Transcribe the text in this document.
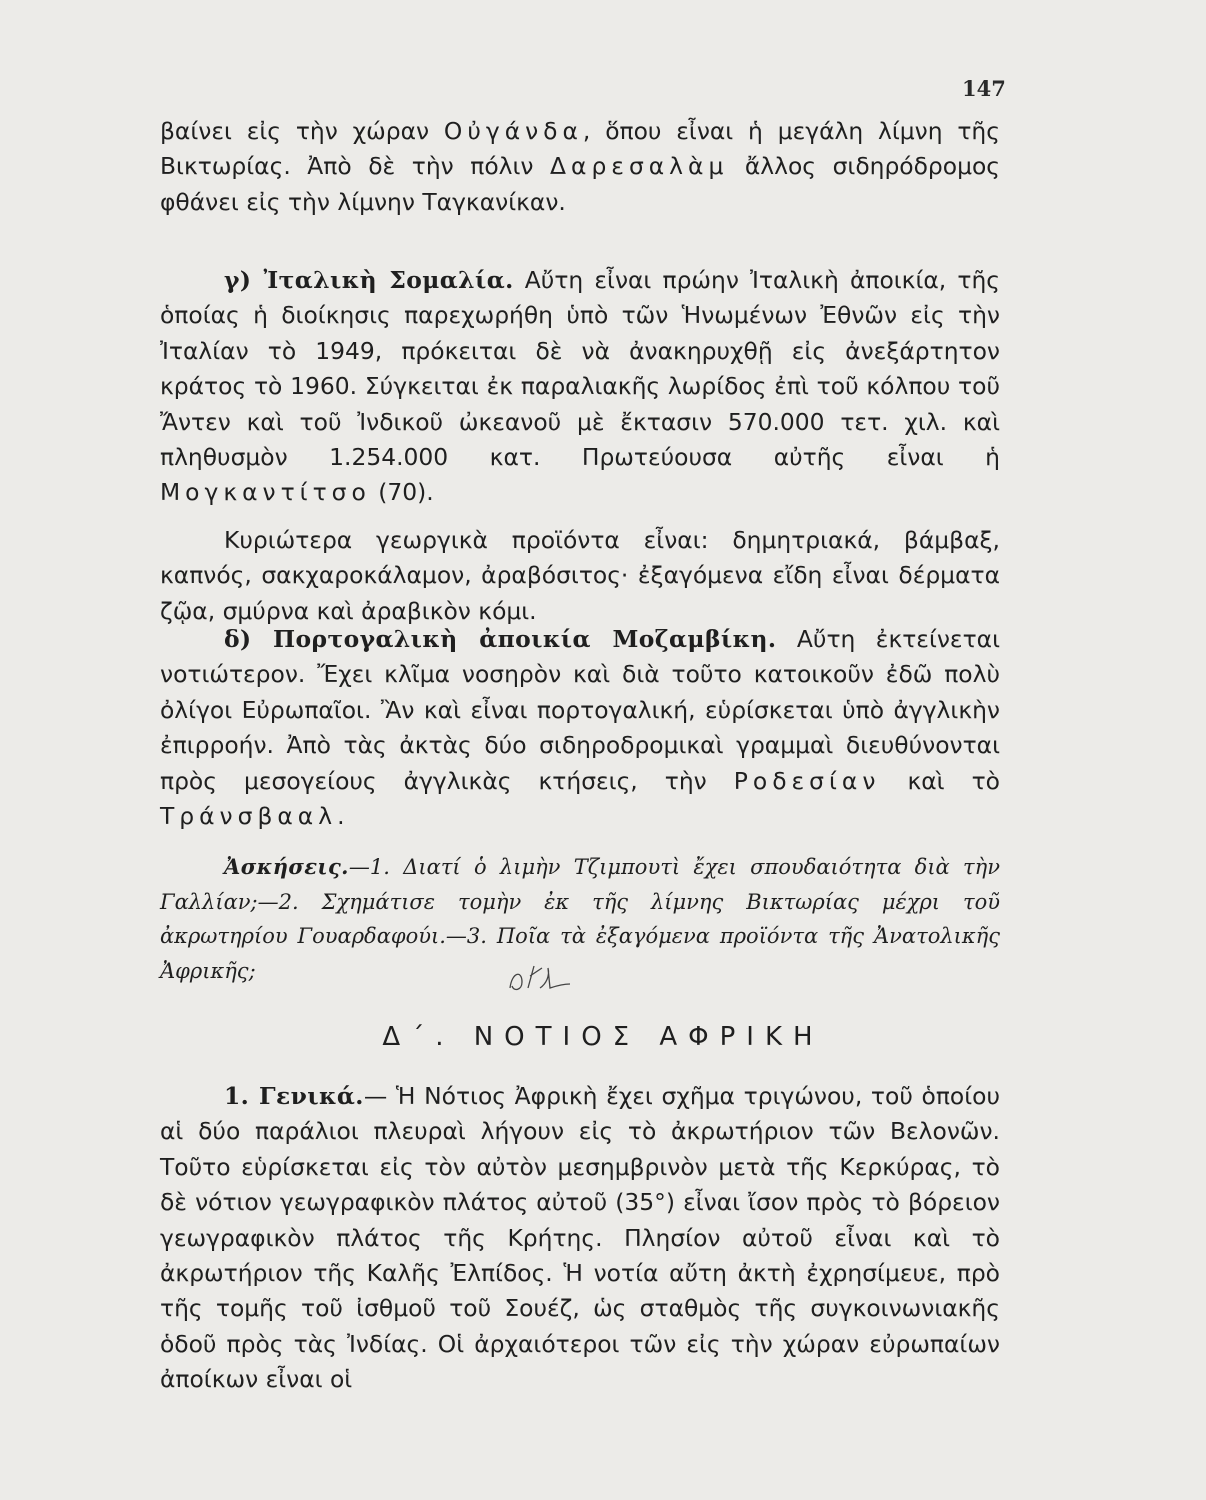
147

βαίνει εἰς τὴν χώραν Οὐγάνδα, ὅπου εἶναι ἡ μεγάλη λίμνη τῆς Βικτωρίας. Ἀπὸ δὲ τὴν πόλιν Δαρεσαλὰμ ἄλλος σιδηρόδρομος φθάνει εἰς τὴν λίμνην Ταγκανίκαν.

γ) Ἰταλικὴ Σομαλία. Αὔτη εἶναι πρώην Ἰταλικὴ ἀποικία, τῆς ὁποίας ἡ διοίκησις παρεχωρήθη ὑπὸ τῶν Ἡνωμένων Ἐθνῶν εἰς τὴν Ἰταλίαν τὸ 1949, πρόκειται δὲ νὰ ἀνακηρυχθῇ εἰς ἀνεξάρτητον κράτος τὸ 1960. Σύγκειται ἐκ παραλιακῆς λωρίδος ἐπὶ τοῦ κόλπου τοῦ Ἄντεν καὶ τοῦ Ἰνδικοῦ ὠκεανοῦ μὲ ἔκτασιν 570.000 τετ. χιλ. καὶ πληθυσμὸν 1.254.000 κατ. Πρωτεύουσα αὐτῆς εἶναι ἡ Μογκαντίτσο (70).

Κυριώτερα γεωργικὰ προϊόντα εἶναι: δημητριακά, βάμβαξ, καπνός, σακχαροκάλαμον, ἀραβόσιτος· ἐξαγόμενα εἴδη εἶναι δέρματα ζῷα, σμύρνα καὶ ἀραβικὸν κόμι.

δ) Πορτογαλικὴ ἀποικία Μοζαμβίκη. Αὔτη ἐκτείνεται νοτιώτερον. Ἔχει κλῖμα νοσηρὸν καὶ διὰ τοῦτο κατοικοῦν ἐδῶ πολὺ ὀλίγοι Εὐρωπαῖοι. Ἂν καὶ εἶναι πορτογαλική, εὑρίσκεται ὑπὸ ἀγγλικὴν ἐπιρροήν. Ἀπὸ τὰς ἀκτὰς δύο σιδηροδρομικαὶ γραμμαὶ διευθύνονται πρὸς μεσογείους ἀγγλικὰς κτήσεις, τὴν Ροδεσίαν καὶ τὸ Τράνσβααλ.

Ἀσκήσεις.—1. Διατί ὁ λιμὴν Τζιμπουτὶ ἔχει σπουδαιότητα διὰ τὴν Γαλλίαν;—2. Σχημάτισε τομὴν ἐκ τῆς λίμνης Βικτωρίας μέχρι τοῦ ἀκρωτηρίου Γουαρδαφούι.—3. Ποῖα τὰ ἐξαγόμενα προϊόντα τῆς Ἀνατολικῆς Ἀφρικῆς;

Δ΄. ΝΟΤΙΟΣ ΑΦΡΙΚΗ

1. Γενικά.— Ἡ Νότιος Ἀφρικὴ ἔχει σχῆμα τριγώνου, τοῦ ὁποίου αἱ δύο παράλιοι πλευραὶ λήγουν εἰς τὸ ἀκρωτήριον τῶν Βελονῶν. Τοῦτο εὑρίσκεται εἰς τὸν αὐτὸν μεσημβρινὸν μετὰ τῆς Κερκύρας, τὸ δὲ νότιον γεωγραφικὸν πλάτος αὐτοῦ (35°) εἶναι ἴσον πρὸς τὸ βόρειον γεωγραφικὸν πλάτος τῆς Κρήτης. Πλησίον αὐτοῦ εἶναι καὶ τὸ ἀκρωτήριον τῆς Καλῆς Ἐλπίδος. Ἡ νοτία αὔτη ἀκτὴ ἐχρησίμευε, πρὸ τῆς τομῆς τοῦ ἰσθμοῦ τοῦ Σουέζ, ὡς σταθμὸς τῆς συγκοινωνιακῆς ὁδοῦ πρὸς τὰς Ἰνδίας. Οἱ ἀρχαιότεροι τῶν εἰς τὴν χώραν εὐρωπαίων ἀποίκων εἶναι οἱ
